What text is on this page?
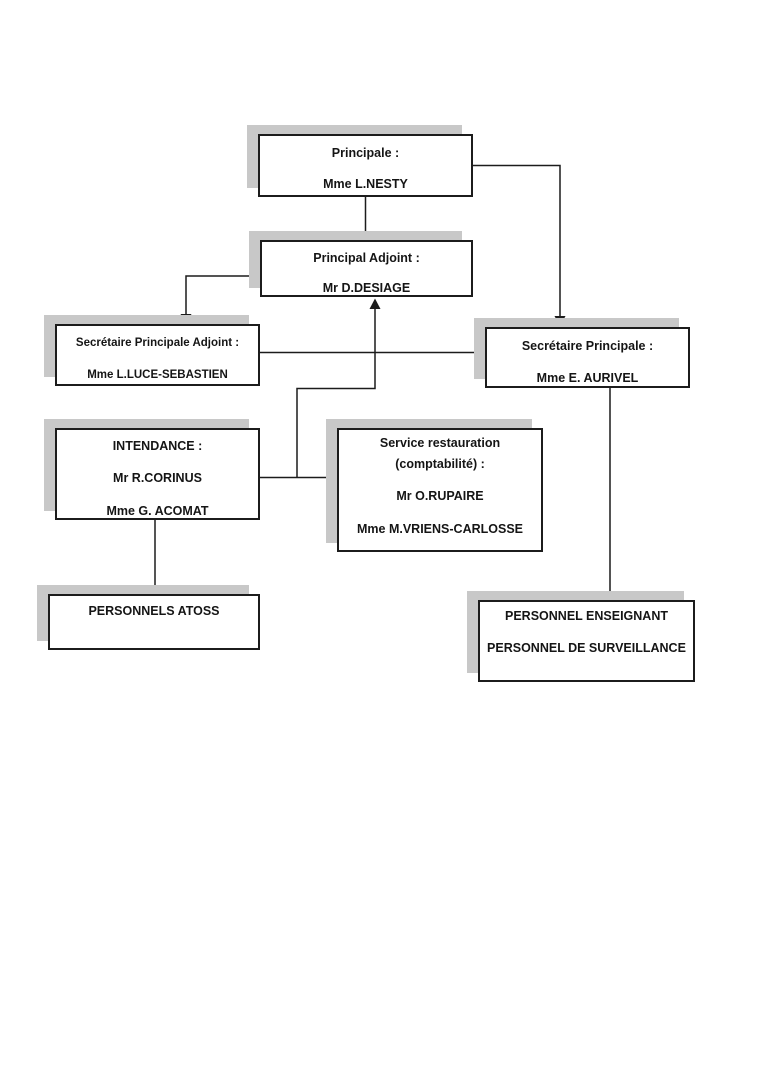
Principale :
Mme L.NESTY
Principal Adjoint :
Mr D.DESIAGE
Secrétaire Principale Adjoint :
Mme L.LUCE-SEBASTIEN
Secrétaire Principale :
Mme E. AURIVEL
INTENDANCE :
Mr R.CORINUS
Mme G. ACOMAT
Service restauration
(comptabilité) :
Mr O.RUPAIRE
Mme M.VRIENS-CARLOSSE
PERSONNELS ATOSS	PERSONNEL ENSEIGNANT
PERSONNEL DE SURVEILLANCE
